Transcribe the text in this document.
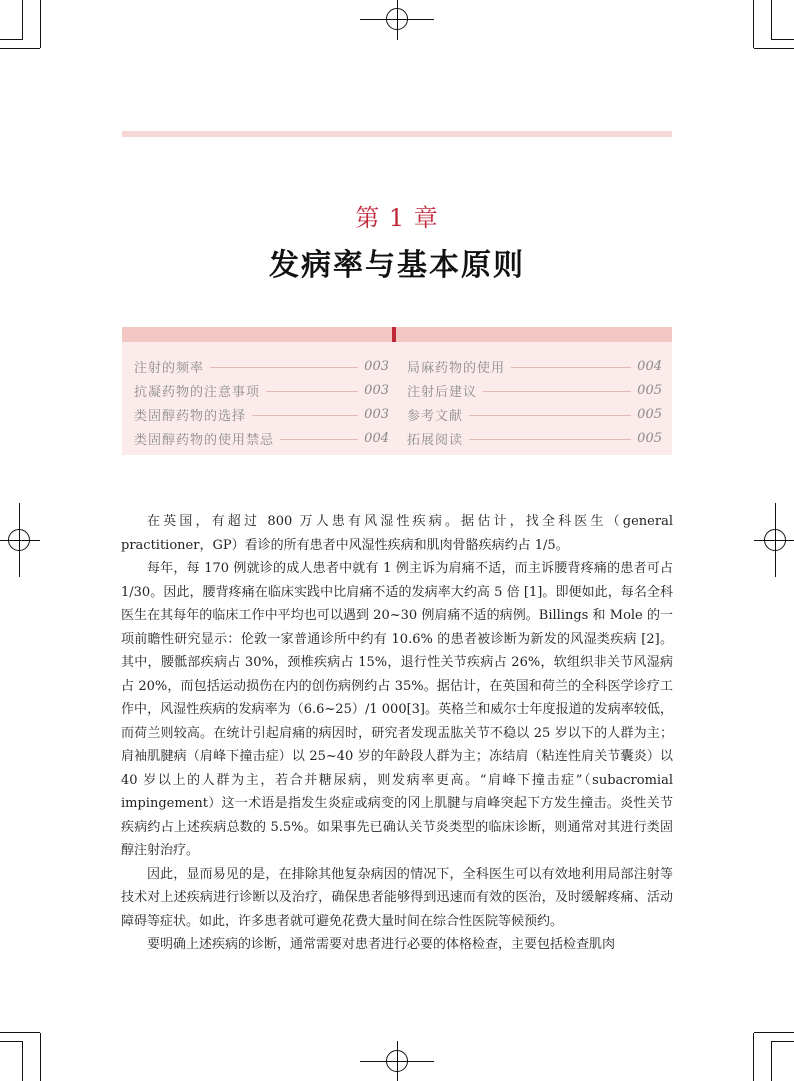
第 1 章
发病率与基本原则
注射的频率	003
抗凝药物的注意事项	003
类固醇药物的选择	003
类固醇药物的使用禁忌	004
局麻药物的使用	004
注射后建议	005
参考文献	005
拓展阅读	005

在英国，有超过 800 万人患有风湿性疾病。据估计，找全科医生（general practitioner，GP）看诊的所有患者中风湿性疾病和肌肉骨骼疾病约占 1/5。

每年，每 170 例就诊的成人患者中就有 1 例主诉为肩痛不适，而主诉腰背疼痛的患者可占 1/30。因此，腰背疼痛在临床实践中比肩痛不适的发病率大约高 5 倍 [1]。即便如此，每名全科医生在其每年的临床工作中平均也可以遇到 20~30 例肩痛不适的病例。Billings 和 Mole 的一项前瞻性研究显示：伦敦一家普通诊所中约有 10.6% 的患者被诊断为新发的风湿类疾病 [2]。其中，腰骶部疾病占 30%，颈椎疾病占 15%，退行性关节疾病占 26%，软组织非关节风湿病占 20%，而包括运动损伤在内的创伤病例约占 35%。据估计，在英国和荷兰的全科医学诊疗工作中，风湿性疾病的发病率为（6.6~25）/1 000[3]。英格兰和威尔士年度报道的发病率较低，而荷兰则较高。在统计引起肩痛的病因时，研究者发现盂肱关节不稳以 25 岁以下的人群为主；肩袖肌腱病（肩峰下撞击症）以 25~40 岁的年龄段人群为主；冻结肩（粘连性肩关节囊炎）以 40 岁以上的人群为主，若合并糖尿病，则发病率更高。“肩峰下撞击症”（subacromial impingement）这一术语是指发生炎症或病变的冈上肌腱与肩峰突起下方发生撞击。炎性关节疾病约占上述疾病总数的 5.5%。如果事先已确认关节炎类型的临床诊断，则通常对其进行类固醇注射治疗。

因此，显而易见的是，在排除其他复杂病因的情况下，全科医生可以有效地利用局部注射等技术对上述疾病进行诊断以及治疗，确保患者能够得到迅速而有效的医治，及时缓解疼痛、活动障碍等症状。如此，许多患者就可避免花费大量时间在综合性医院等候预约。

要明确上述疾病的诊断，通常需要对患者进行必要的体格检查，主要包括检查肌肉
